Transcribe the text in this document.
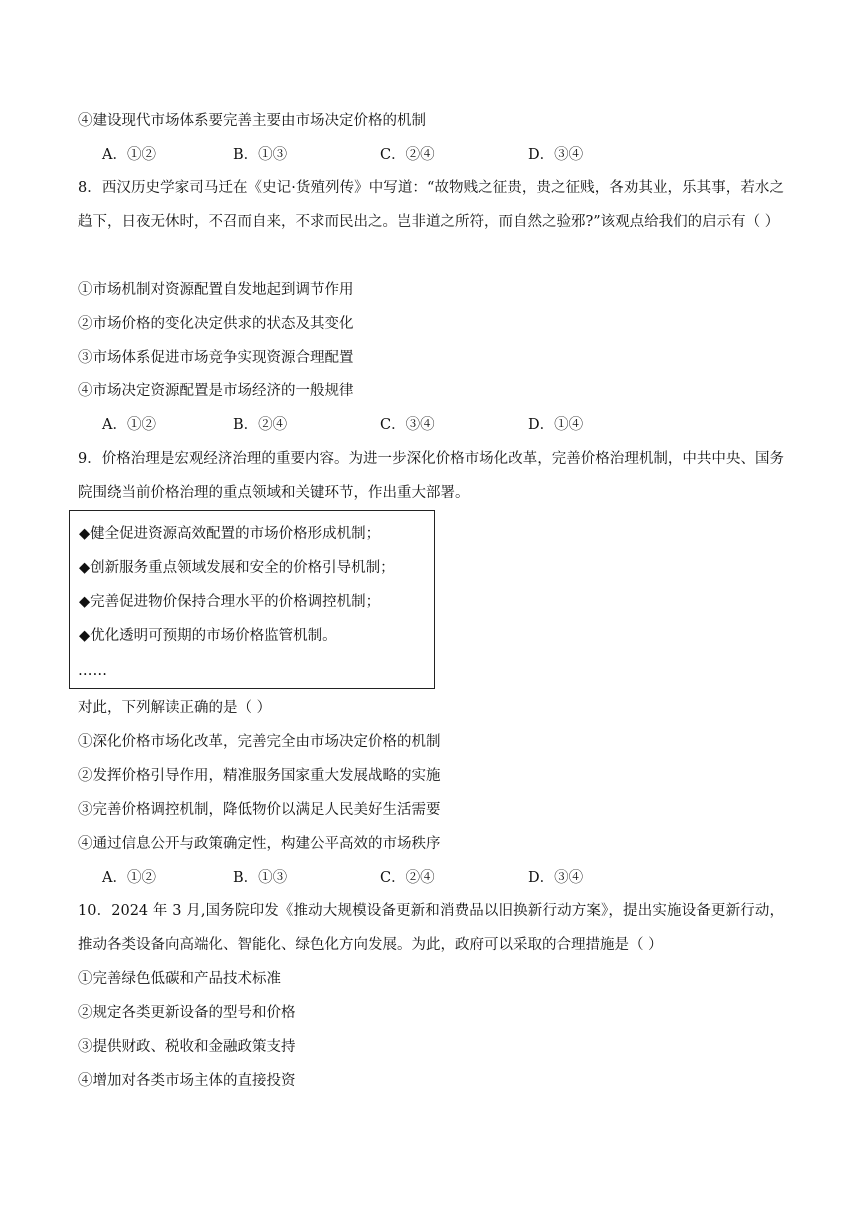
④建设现代市场体系要完善主要由市场决定价格的机制
A．①②	B．①③	C．②④	D．③④
8．西汉历史学家司马迁在《史记·货殖列传》中写道：“故物贱之征贵，贵之征贱，各劝其业，乐其事，若水之趋下，日夜无休时，不召而自来，不求而民出之。岂非道之所符，而自然之验邪?”该观点给我们的启示有（ ）
①市场机制对资源配置自发地起到调节作用
②市场价格的变化决定供求的状态及其变化
③市场体系促进市场竞争实现资源合理配置
④市场决定资源配置是市场经济的一般规律
A．①②	B．②④	C．③④	D．①④
9．价格治理是宏观经济治理的重要内容。为进一步深化价格市场化改革，完善价格治理机制，中共中央、国务院围绕当前价格治理的重点领域和关键环节，作出重大部署。
◆健全促进资源高效配置的市场价格形成机制；
◆创新服务重点领域发展和安全的价格引导机制；
◆完善促进物价保持合理水平的价格调控机制；
◆优化透明可预期的市场价格监管机制。
……
对此，下列解读正确的是（ ）
①深化价格市场化改革，完善完全由市场决定价格的机制
②发挥价格引导作用，精准服务国家重大发展战略的实施
③完善价格调控机制，降低物价以满足人民美好生活需要
④通过信息公开与政策确定性，构建公平高效的市场秩序
A．①②	B．①③	C．②④	D．③④
10．2024 年 3 月,国务院印发《推动大规模设备更新和消费品以旧换新行动方案》，提出实施设备更新行动，推动各类设备向高端化、智能化、绿色化方向发展。为此，政府可以采取的合理措施是（ ）
①完善绿色低碳和产品技术标准
②规定各类更新设备的型号和价格
③提供财政、税收和金融政策支持
④增加对各类市场主体的直接投资
